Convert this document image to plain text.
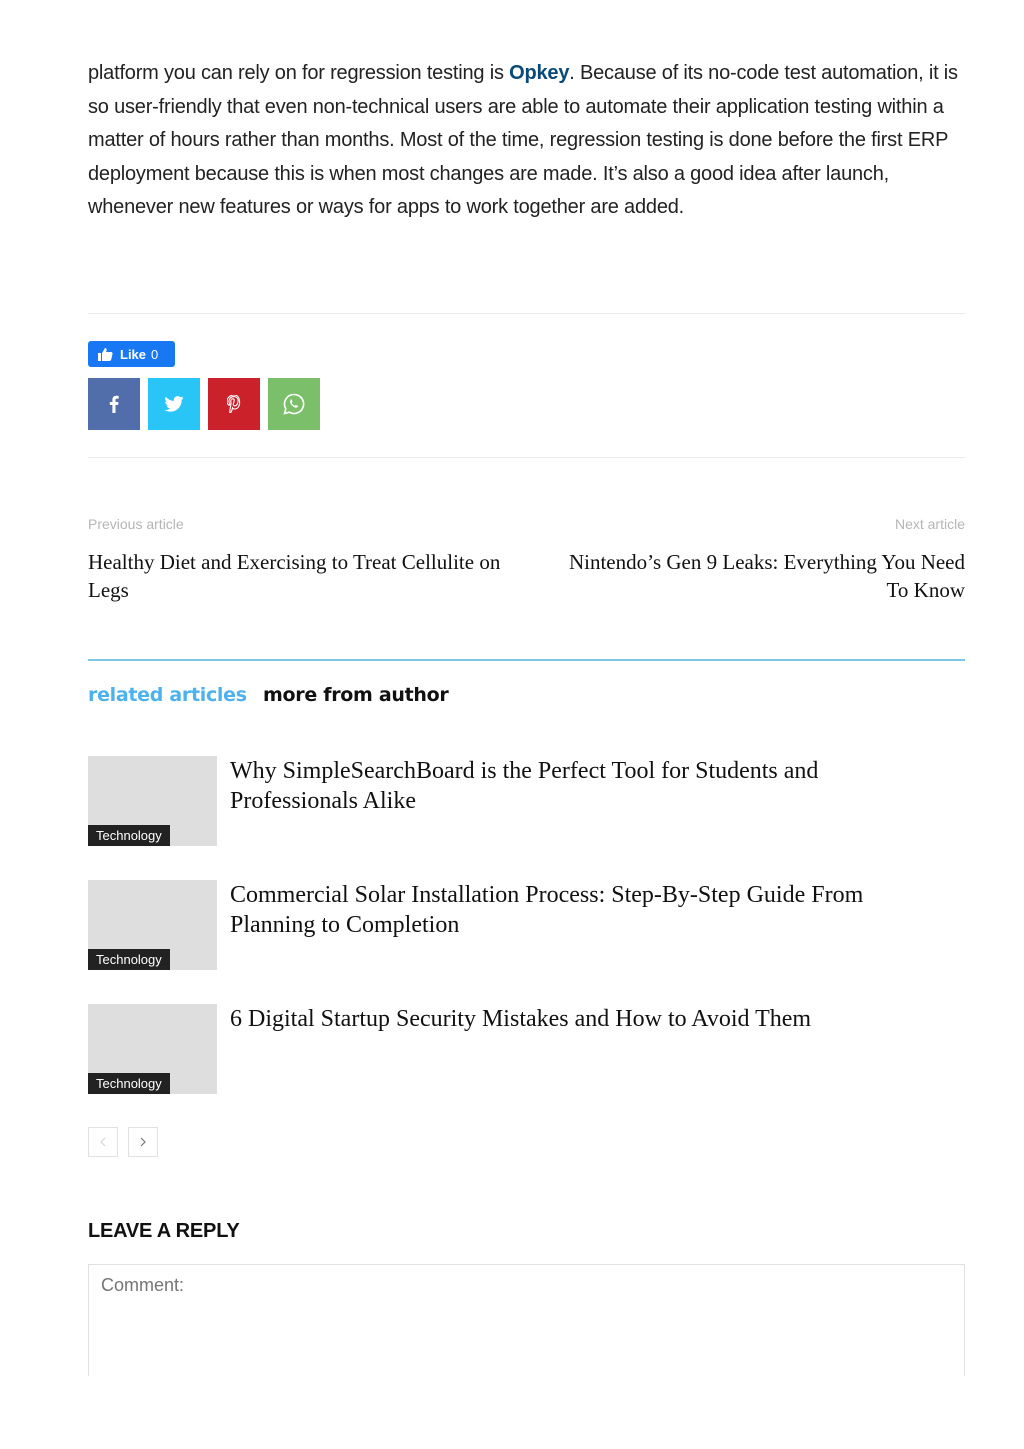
platform you can rely on for regression testing is Opkey. Because of its no-code test automation, it is so user-friendly that even non-technical users are able to automate their application testing within a matter of hours rather than months. Most of the time, regression testing is done before the first ERP deployment because this is when most changes are made. It’s also a good idea after launch, whenever new features or ways for apps to work together are added.

Like 0
Previous article	Next article
Healthy Diet and Exercising to Treat Cellulite on Legs
Nintendo’s Gen 9 Leaks: Everything You Need To Know
related articles more from author
Technology
Why SimpleSearchBoard is the Perfect Tool for Students and Professionals Alike
Technology
Commercial Solar Installation Process: Step-By-Step Guide From Planning to Completion
Technology
6 Digital Startup Security Mistakes and How to Avoid Them
LEAVE A REPLY
Comment:
